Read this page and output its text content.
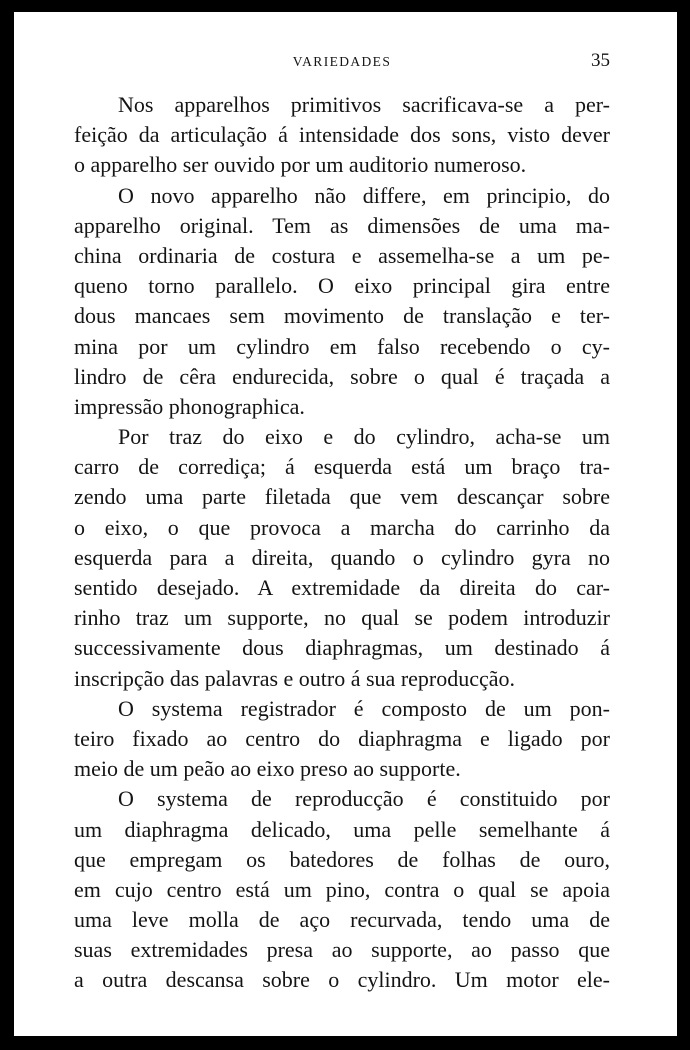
VARIEDADES	35
Nos apparelhos primitivos sacrificava-se a per-
feição da articulação á intensidade dos sons, visto dever
o apparelho ser ouvido por um auditorio numeroso.
O novo apparelho não differe, em principio, do
apparelho original. Tem as dimensões de uma ma-
china ordinaria de costura e assemelha-se a um pe-
queno torno parallelo. O eixo principal gira entre
dous mancaes sem movimento de translação e ter-
mina por um cylindro em falso recebendo o cy-
lindro de cêra endurecida, sobre o qual é traçada a
impressão phonographica.
Por traz do eixo e do cylindro, acha-se um
carro de corrediça; á esquerda está um braço tra-
zendo uma parte filetada que vem descançar sobre
o eixo, o que provoca a marcha do carrinho da
esquerda para a direita, quando o cylindro gyra no
sentido desejado. A extremidade da direita do car-
rinho traz um supporte, no qual se podem introduzir
successivamente dous diaphragmas, um destinado á
inscripção das palavras e outro á sua reproducção.
O systema registrador é composto de um pon-
teiro fixado ao centro do diaphragma e ligado por
meio de um peão ao eixo preso ao supporte.
O systema de reproducção é constituido por
um diaphragma delicado, uma pelle semelhante á
que empregam os batedores de folhas de ouro,
em cujo centro está um pino, contra o qual se apoia
uma leve molla de aço recurvada, tendo uma de
suas extremidades presa ao supporte, ao passo que
a outra descansa sobre o cylindro. Um motor ele-
